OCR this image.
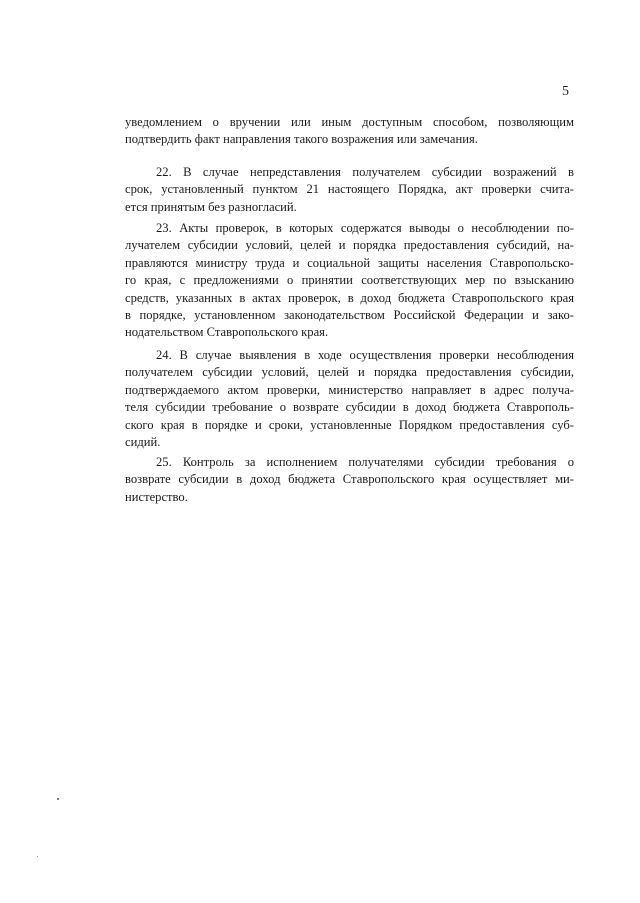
5
уведомлением о вручении или иным доступным способом, позволяющим
подтвердить факт направления такого возражения или замечания.
22. В случае непредставления получателем субсидии возражений в
срок, установленный пунктом 21 настоящего Порядка, акт проверки счита-
ется принятым без разногласий.
23. Акты проверок, в которых содержатся выводы о несоблюдении по-
лучателем субсидии условий, целей и порядка предоставления субсидий, на-
правляются министру труда и социальной защиты населения Ставропольско-
го края, с предложениями о принятии соответствующих мер по взысканию
средств, указанных в актах проверок, в доход бюджета Ставропольского края
в порядке, установленном законодательством Российской Федерации и зако-
нодательством Ставропольского края.
24. В случае выявления в ходе осуществления проверки несоблюдения
получателем субсидии условий, целей и порядка предоставления субсидии,
подтверждаемого актом проверки, министерство направляет в адрес получа-
теля субсидии требование о возврате субсидии в доход бюджета Ставрополь-
ского края в порядке и сроки, установленные Порядком предоставления суб-
сидий.
25. Контроль за исполнением получателями субсидии требования о
возврате субсидии в доход бюджета Ставропольского края осуществляет ми-
нистерство.
